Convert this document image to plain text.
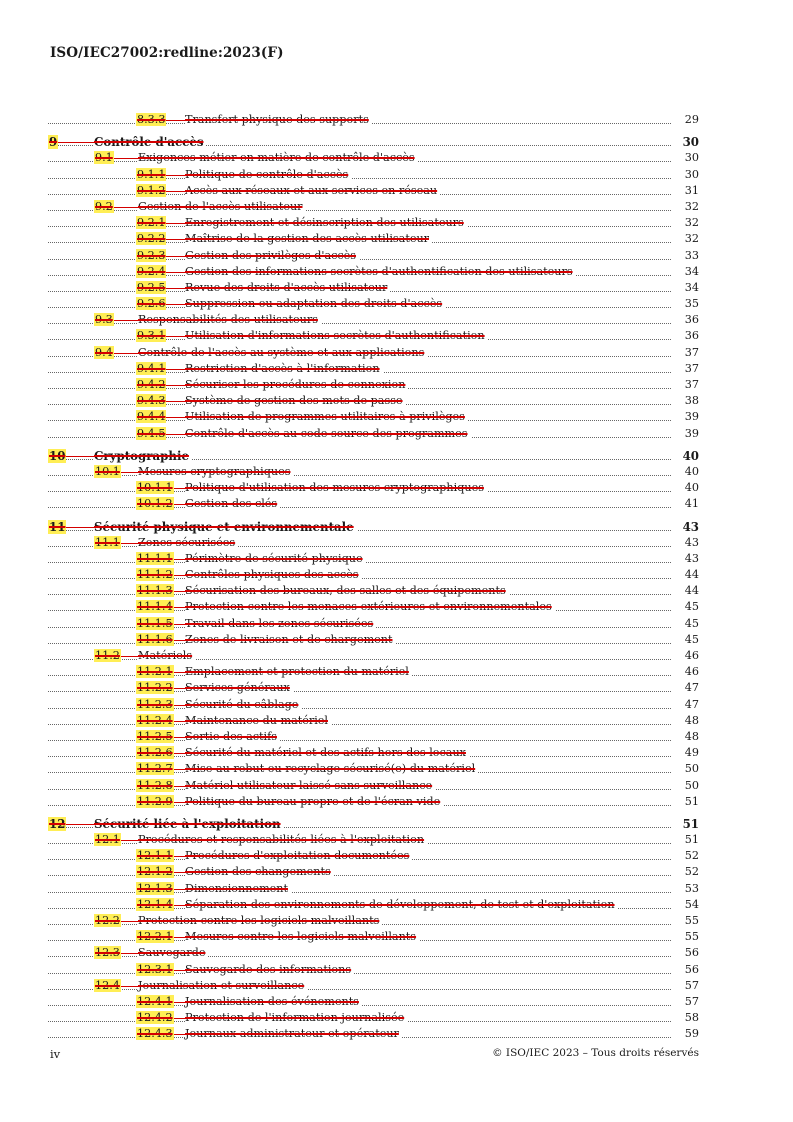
ISO/IEC27002:redline:2023(F)
8.3.3 Transfert physique des supports	29
9	Contrôle d'accès	30
9.1 Exigences métier en matière de contrôle d'accès	30
9.1.1 Politique de contrôle d'accès	30
9.1.2 Accès aux réseaux et aux services en réseau	31
9.2 Gestion de l'accès utilisateur	32
9.2.1 Enregistrement et désinscription des utilisateurs	32
9.2.2 Maîtrise de la gestion des accès utilisateur	32
9.2.3 Gestion des privilèges d'accès	33
9.2.4 Gestion des informations secrètes d'authentification des utilisateurs	34
9.2.5 Revue des droits d'accès utilisateur	34
9.2.6 Suppression ou adaptation des droits d'accès	35
9.3 Responsabilités des utilisateurs	36
9.3.1 Utilisation d'informations secrètes d'authentification	36
9.4 Contrôle de l'accès au système et aux applications	37
9.4.1 Restriction d'accès à l'information	37
9.4.2 Sécuriser les procédures de connexion	37
9.4.3 Système de gestion des mots de passe	38
9.4.4 Utilisation de programmes utilitaires à privilèges	39
9.4.5 Contrôle d'accès au code source des programmes	39
10 Cryptographie	40
10.1 Mesures cryptographiques	40
10.1.1 Politique d'utilisation des mesures cryptographiques	40
10.1.2 Gestion des clés	41
11 Sécurité physique et environnementale	43
11.1 Zones sécurisées	43
11.1.1 Périmètre de sécurité physique	43
11.1.2 Contrôles physiques des accès	44
11.1.3 Sécurisation des bureaux, des salles et des équipements	44
11.1.4 Protection contre les menaces extérieures et environnementales	45
11.1.5 Travail dans les zones sécurisées	45
11.1.6 Zones de livraison et de chargement	45
11.2 Matériels	46
11.2.1 Emplacement et protection du matériel	46
11.2.2 Services généraux	47
11.2.3 Sécurité du câblage	47
11.2.4 Maintenance du matériel	48
11.2.5 Sortie des actifs	48
11.2.6 Sécurité du matériel et des actifs hors des locaux	49
11.2.7 Mise au rebut ou recyclage sécurisé(e) du matériel	50
11.2.8 Matériel utilisateur laissé sans surveillance	50
11.2.9 Politique du bureau propre et de l'écran vide	51
12 Sécurité liée à l'exploitation	51
12.1 Procédures et responsabilités liées à l'exploitation	51
12.1.1 Procédures d'exploitation documentées	52
12.1.2 Gestion des changements	52
12.1.3 Dimensionnement	53
12.1.4 Séparation des environnements de développement, de test et d'exploitation	54
12.2 Protection contre les logiciels malveillants	55
12.2.1 Mesures contre les logiciels malveillants	55
12.3 Sauvegarde	56
12.3.1 Sauvegarde des informations	56
12.4 Journalisation et surveillance	57
12.4.1 Journalisation des événements	57
12.4.2 Protection de l'information journalisée	58
12.4.3 Journaux administrateur et opérateur	59
iv	© ISO/IEC 2023 – Tous droits réservés
